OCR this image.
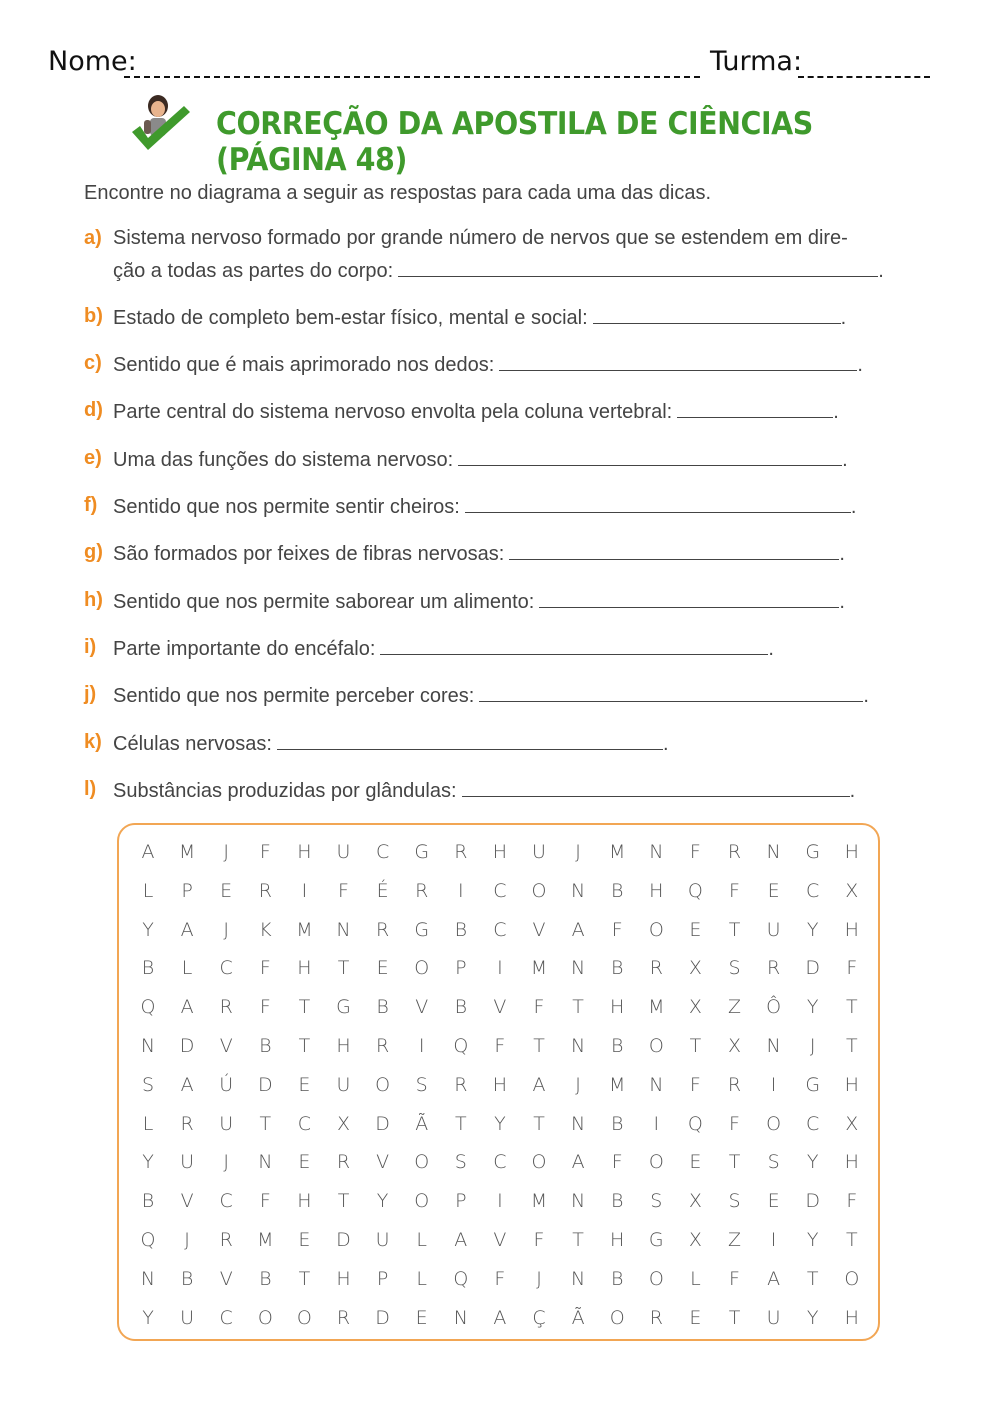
Nome:	Turma:
CORREÇÃO DA APOSTILA DE CIÊNCIAS (PÁGINA 48)
Encontre no diagrama a seguir as respostas para cada uma das dicas.
a) Sistema nervoso formado por grande número de nervos que se estendem em dire-
ção a todas as partes do corpo:	.
b) Estado de completo bem-estar físico, mental e social:	.
c) Sentido que é mais aprimorado nos dedos:	.
d) Parte central do sistema nervoso envolta pela coluna vertebral:	.
e) Uma das funções do sistema nervoso:	.
f) Sentido que nos permite sentir cheiros:	.
g) São formados por feixes de fibras nervosas:	.
h) Sentido que nos permite saborear um alimento:	.
i) Parte importante do encéfalo:	.
j) Sentido que nos permite perceber cores:	.
k) Células nervosas:	.
l) Substâncias produzidas por glândulas:	.
A	M	J	F	H	U	C	G	R	H	U	J	M	N	F	R	N	G	H
L	P	E	R	I	F	É	R	I	C	O	N	B	H	Q	F	E	C	X
Y	A	J	K	M	N	R	G	B	C	V	A	F	O	E	T	U	Y	H
B	L	C	F	H	T	E	O	P	I	M	N	B	R	X	S	R	D	F
Q	A	R	F	T	G	B	V	B	V	F	T	H	M	X	Z	Ô	Y	T
N	D	V	B	T	H	R	I	Q	F	T	N	B	O	T	X	N	J	T
S	A	Ú	D	E	U	O	S	R	H	A	J	M	N	F	R	I	G	H
L	R	U	T	C	X	D	Ã	T	Y	T	N	B	I	Q	F	O	C	X
Y	U	J	N	E	R	V	O	S	C	O	A	F	O	E	T	S	Y	H
B	V	C	F	H	T	Y	O	P	I	M	N	B	S	X	S	E	D	F
Q	J	R	M	E	D	U	L	A	V	F	T	H	G	X	Z	I	Y	T
N	B	V	B	T	H	P	L	Q	F	J	N	B	O	L	F	A	T	O
Y	U	C	O	O	R	D	E	N	A	Ç	Ã	O	R	E	T	U	Y	H
